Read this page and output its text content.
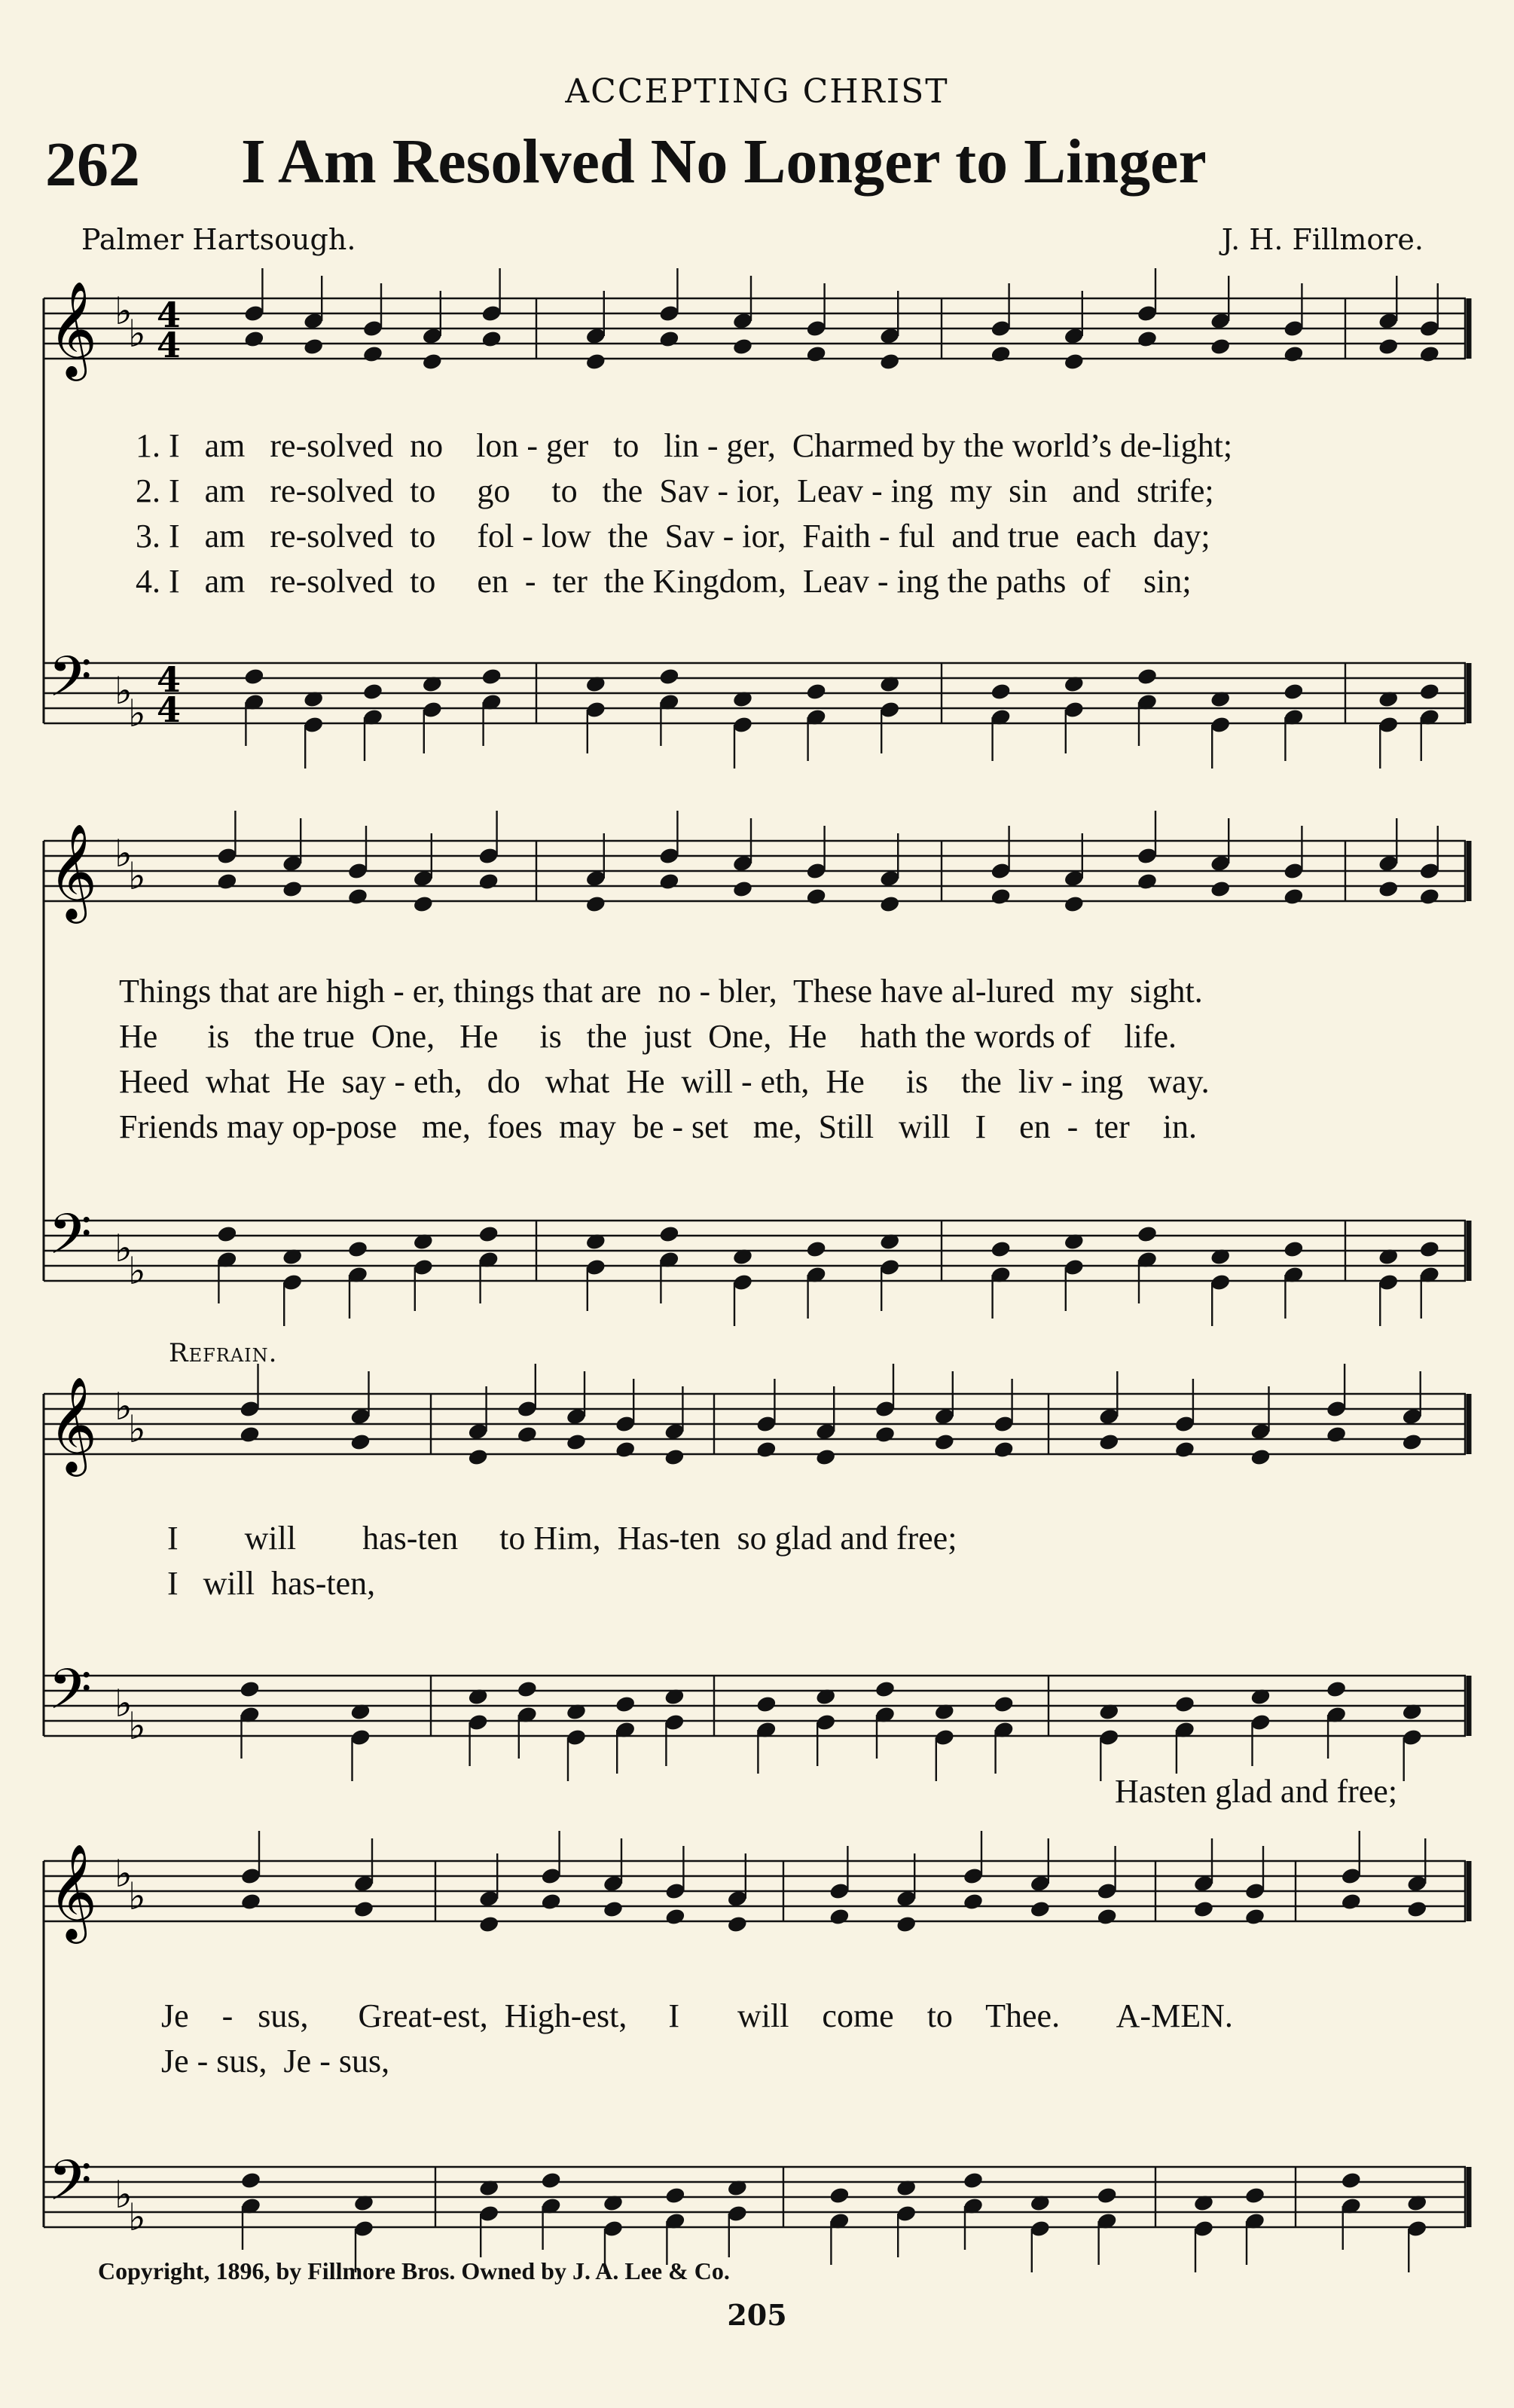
ACCEPTING CHRIST
262 I Am Resolved No Longer to Linger
Palmer Hartsough.	J. H. Fillmore.
𝄞
𝄢
♭
♭
♭
♭
4
4
4
4
𝄞
𝄢
♭
♭
♭
♭
𝄞
𝄢
♭
♭
♭
♭
𝄞
𝄢
♭
♭
♭
♭
1. I   am   re-solved  no    lon - ger   to   lin - ger,  Charmed by the world’s de-light;
2. I   am   re-solved  to     go     to   the  Sav - ior,  Leav - ing  my  sin   and  strife;
3. I   am   re-solved  to     fol - low  the  Sav - ior,  Faith - ful  and true  each  day;
4. I   am   re-solved  to     en  -  ter  the Kingdom,  Leav - ing the paths  of    sin;
Things that are high - er, things that are  no - bler,  These have al-lured  my  sight.
He      is   the true  One,   He     is   the  just  One,  He    hath the words of    life.
Heed  what  He  say - eth,   do   what  He  will - eth,  He     is    the  liv - ing   way.
Friends may op-pose   me,  foes  may  be - set   me,  Still   will   I    en  -  ter    in.
Refrain.
I        will        has-ten     to Him,  Has-ten  so glad and free;
I   will  has-ten,
Hasten glad and free;
Je    -   sus,      Great-est,  High-est,     I       will    come    to    Thee.       A-MEN.
Je - sus,  Je - sus,
Copyright, 1896, by Fillmore Bros. Owned by J. A. Lee & Co.
205
